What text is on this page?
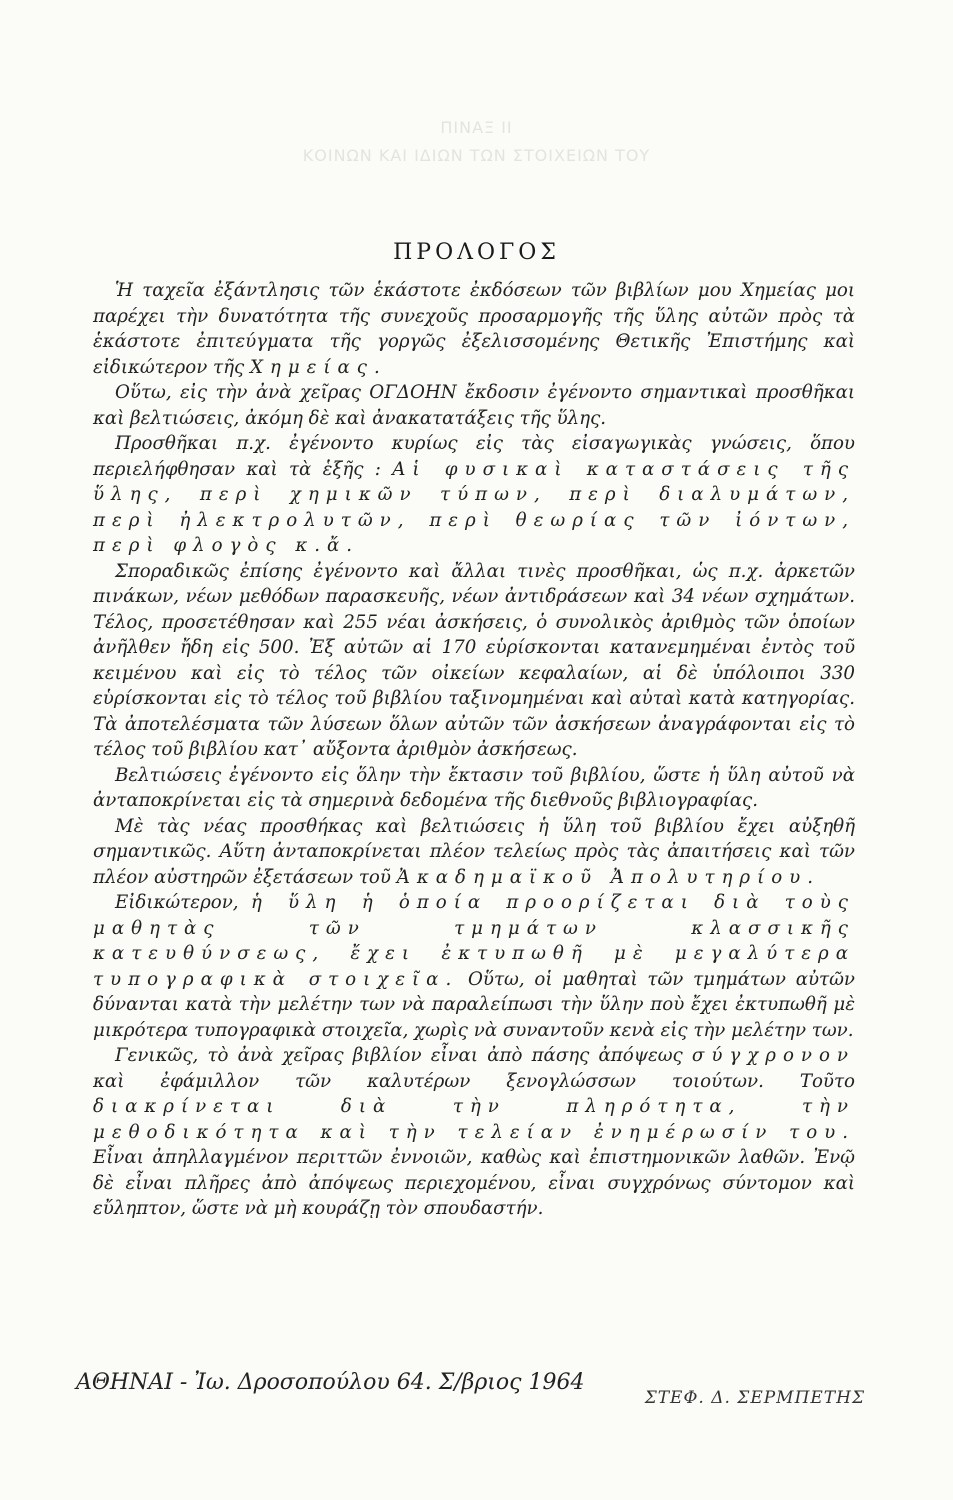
ΠΙΝΑΞ ΙΙ
ΚΟΙΝΩΝ ΚΑΙ ΙΔΙΩΝ ΤΩΝ ΣΤΟΙΧΕΙΩΝ ΤΟΥ
ΠΡΟΛΟΓΟΣ

Ἡ ταχεῖα ἐξάντλησις τῶν ἑκάστοτε ἐκδόσεων τῶν βιβλίων μου Χημείας μοι παρέχει τὴν δυνατότητα τῆς συνεχοῦς προσαρμογῆς τῆς ὕλης αὐτῶν πρὸς τὰ ἑκάστοτε ἐπιτεύγματα τῆς γοργῶς ἐξελισσομένης Θετικῆς Ἐπιστήμης καὶ εἰδικώτερον τῆς Χημείας.

Οὕτω, εἰς τὴν ἀνὰ χεῖρας ΟΓΔΟΗΝ ἔκδοσιν ἐγένοντο σημαντικαὶ προσθῆκαι καὶ βελτιώσεις, ἀκόμη δὲ καὶ ἀνακατατάξεις τῆς ὕλης.

Προσθῆκαι π.χ. ἐγένοντο κυρίως εἰς τὰς εἰσαγωγικὰς γνώσεις, ὅπου περιελήφθησαν καὶ τὰ ἑξῆς : Αἱ φυσικαὶ καταστάσεις τῆς ὕλης, περὶ χημικῶν τύπων, περὶ διαλυμάτων, περὶ ἠλεκτρολυτῶν, περὶ θεωρίας τῶν ἰόντων, περὶ φλογὸς κ.ἄ.

Σποραδικῶς ἐπίσης ἐγένοντο καὶ ἄλλαι τινὲς προσθῆκαι, ὡς π.χ. ἀρκετῶν πινάκων, νέων μεθόδων παρασκευῆς, νέων ἀντιδράσεων καὶ 34 νέων σχημάτων. Τέλος, προσετέθησαν καὶ 255 νέαι ἀσκήσεις, ὁ συνολικὸς ἀριθμὸς τῶν ὁποίων ἀνῆλθεν ἤδη εἰς 500. Ἐξ αὐτῶν αἱ 170 εὑρίσκονται κατανεμημέναι ἐντὸς τοῦ κειμένου καὶ εἰς τὸ τέλος τῶν οἰκείων κεφαλαίων, αἱ δὲ ὑπόλοιποι 330 εὑρίσκονται εἰς τὸ τέλος τοῦ βιβλίου ταξινομημέναι καὶ αὐταὶ κατὰ κατηγορίας. Τὰ ἀποτελέσματα τῶν λύσεων ὅλων αὐτῶν τῶν ἀσκήσεων ἀναγράφονται εἰς τὸ τέλος τοῦ βιβλίου κατ᾽ αὔξοντα ἀριθμὸν ἀσκήσεως.

Βελτιώσεις ἐγένοντο εἰς ὅλην τὴν ἔκτασιν τοῦ βιβλίου, ὥστε ἡ ὕλη αὐτοῦ νὰ ἀνταποκρίνεται εἰς τὰ σημερινὰ δεδομένα τῆς διεθνοῦς βιβλιογραφίας.

Μὲ τὰς νέας προσθήκας καὶ βελτιώσεις ἡ ὕλη τοῦ βιβλίου ἔχει αὐξηθῆ σημαντικῶς. Αὕτη ἀνταποκρίνεται πλέον τελείως πρὸς τὰς ἀπαιτήσεις καὶ τῶν πλέον αὐστηρῶν ἐξετάσεων τοῦ Ἀκαδημαϊκοῦ Ἀπολυτηρίου.

Εἰδικώτερον, ἡ ὕλη ἡ ὁποία προορίζεται διὰ τοὺς μαθητὰς τῶν τμημάτων κλασσικῆς κατευθύνσεως, ἔχει ἐκτυπωθῆ μὲ μεγαλύτερα τυπογραφικὰ στοιχεῖα. Οὕτω, οἱ μαθηταὶ τῶν τμημάτων αὐτῶν δύνανται κατὰ τὴν μελέτην των νὰ παραλείπωσι τὴν ὕλην ποὺ ἔχει ἐκτυπωθῆ μὲ μικρότερα τυπογραφικὰ στοιχεῖα, χωρὶς νὰ συναντοῦν κενὰ εἰς τὴν μελέτην των.

Γενικῶς, τὸ ἀνὰ χεῖρας βιβλίον εἶναι ἀπὸ πάσης ἀπόψεως σύγχρονον καὶ ἐφάμιλλον τῶν καλυτέρων ξενογλώσσων τοιούτων. Τοῦτο διακρίνεται διὰ τὴν πληρότητα, τὴν μεθοδικότητα καὶ τὴν τελείαν ἐνημέρωσίν του. Εἶναι ἀπηλλαγμένον περιττῶν ἐννοιῶν, καθὼς καὶ ἐπιστημονικῶν λαθῶν. Ἐνῷ δὲ εἶναι πλῆρες ἀπὸ ἀπόψεως περιεχομένου, εἶναι συγχρόνως σύντομον καὶ εὔληπτον, ὥστε νὰ μὴ κουράζῃ τὸν σπουδαστήν.

ΑΘΗΝΑΙ - Ἰω. Δροσοπούλου 64. Σ/βριος 1964
ΣΤΕΦ. Δ. ΣΕΡΜΠΕΤΗΣ
